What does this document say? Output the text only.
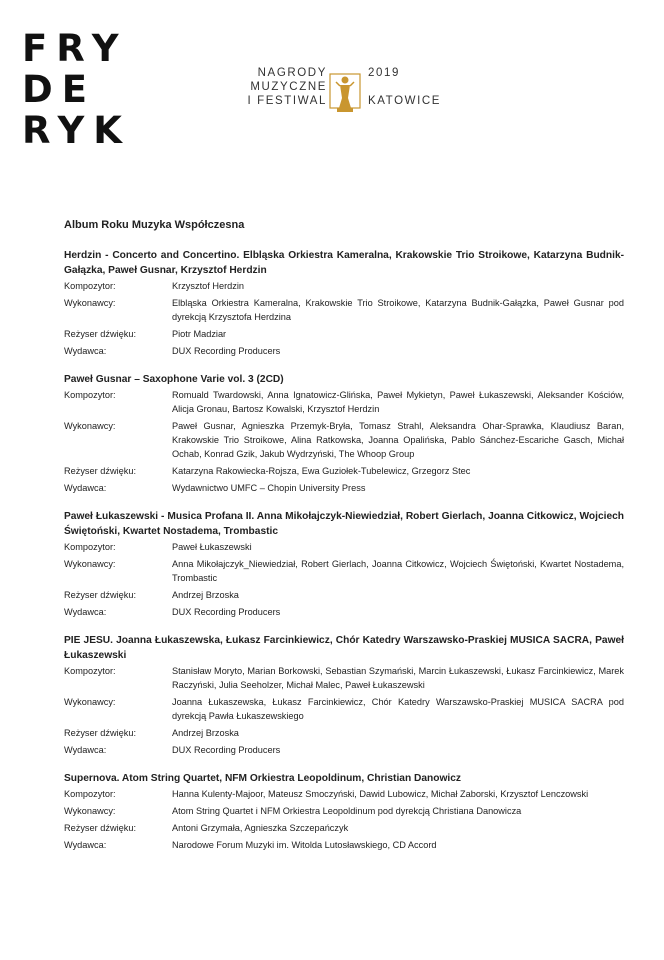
FRY
DE
RYK
NAGRODY
MUZYCZNE
I FESTIWAL
2019
KATOWICE
Album Roku Muzyka Współczesna
Herdzin - Concerto and Concertino. Elbląska Orkiestra Kameralna, Krakowskie Trio Stroikowe, Katarzyna Budnik-Gałązka, Paweł Gusnar, Krzysztof Herdzin
Kompozytor:	Krzysztof Herdzin
Wykonawcy:	Elbląska Orkiestra Kameralna, Krakowskie Trio Stroikowe, Katarzyna Budnik-Gałązka, Paweł Gusnar pod dyrekcją Krzysztofa Herdzina
Reżyser dźwięku:	Piotr Madziar
Wydawca:	DUX Recording Producers
Paweł Gusnar – Saxophone Varie vol. 3 (2CD)
Kompozytor:	Romuald Twardowski, Anna Ignatowicz-Glińska, Paweł Mykietyn, Paweł Łukaszewski, Aleksander Kościów, Alicja Gronau, Bartosz Kowalski, Krzysztof Herdzin
Wykonawcy:	Paweł Gusnar, Agnieszka Przemyk-Bryła, Tomasz Strahl, Aleksandra Ohar-Sprawka, Klaudiusz Baran, Krakowskie Trio Stroikowe, Alina Ratkowska, Joanna Opalińska, Pablo Sánchez-Escariche Gasch, Michał Ochab, Konrad Gzik, Jakub Wydrzyński, The Whoop Group
Reżyser dźwięku:	Katarzyna Rakowiecka-Rojsza, Ewa Guziołek-Tubelewicz, Grzegorz Stec
Wydawca:	Wydawnictwo UMFC – Chopin University Press
Paweł Łukaszewski - Musica Profana II. Anna Mikołajczyk-Niewiedział, Robert Gierlach, Joanna Citkowicz, Wojciech Świętoński, Kwartet Nostadema, Trombastic
Kompozytor:	Paweł Łukaszewski
Wykonawcy:	Anna Mikołajczyk_Niewiedział, Robert Gierlach, Joanna Citkowicz, Wojciech Świętoński, Kwartet Nostadema, Trombastic
Reżyser dźwięku:	Andrzej Brzoska
Wydawca:	DUX Recording Producers
PIE JESU. Joanna Łukaszewska, Łukasz Farcinkiewicz, Chór Katedry Warszawsko-Praskiej MUSICA SACRA, Paweł Łukaszewski
Kompozytor:	Stanisław Moryto, Marian Borkowski, Sebastian Szymański, Marcin Łukaszewski, Łukasz Farcinkiewicz, Marek Raczyński, Julia Seeholzer, Michał Malec, Paweł Łukaszewski
Wykonawcy:	Joanna Łukaszewska, Łukasz Farcinkiewicz, Chór Katedry Warszawsko-Praskiej MUSICA SACRA pod dyrekcją Pawła Łukaszewskiego
Reżyser dźwięku:	Andrzej Brzoska
Wydawca:	DUX Recording Producers
Supernova. Atom String Quartet, NFM Orkiestra Leopoldinum, Christian Danowicz
Kompozytor:	Hanna Kulenty-Majoor, Mateusz Smoczyński, Dawid Lubowicz, Michał Zaborski, Krzysztof Lenczowski
Wykonawcy:	Atom String Quartet i NFM Orkiestra Leopoldinum pod dyrekcją Christiana Danowicza
Reżyser dźwięku:	Antoni Grzymała, Agnieszka Szczepańczyk
Wydawca:	Narodowe Forum Muzyki im. Witolda Lutosławskiego, CD Accord
